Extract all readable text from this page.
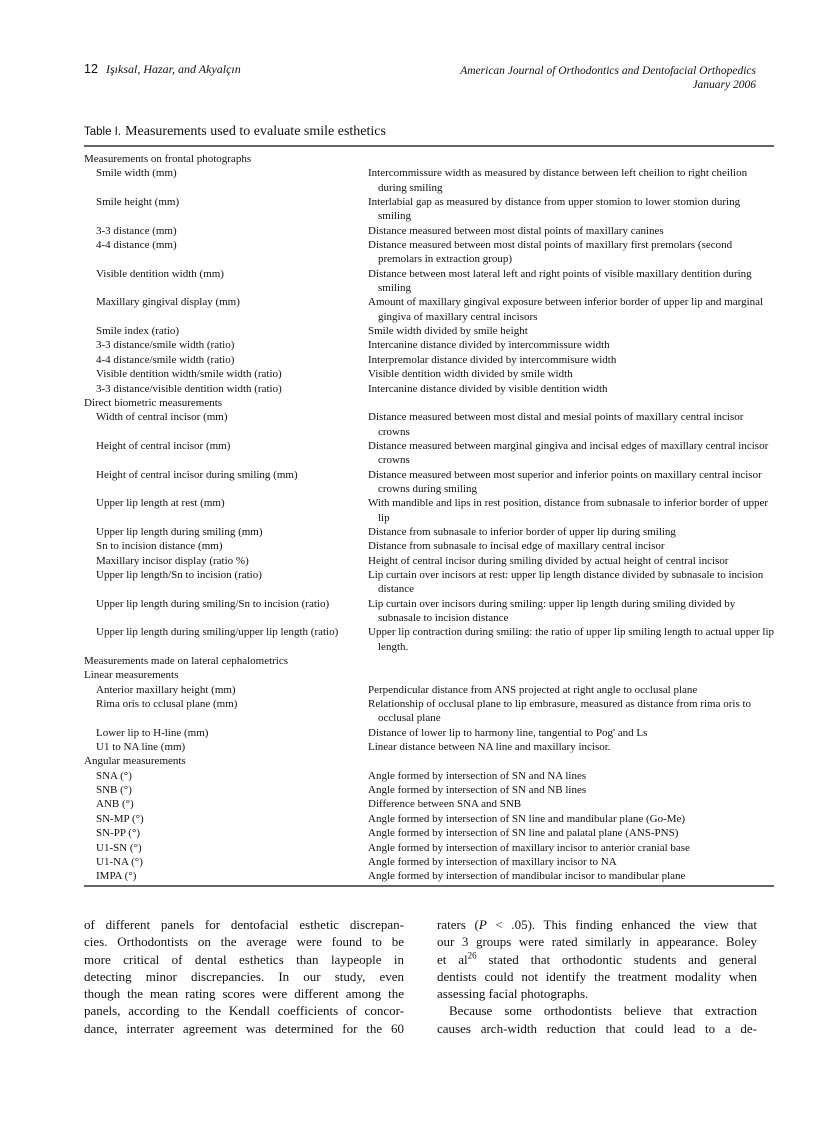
12 Işıksal, Hazar, and Akyalçın	American Journal of Orthodontics and Dentofacial Orthopedics
January 2006
Table I. Measurements used to evaluate smile esthetics
Measurements on frontal photographs
Smile width (mm)	Intercommissure width as measured by distance between left cheilion to right cheilion during smiling
Smile height (mm)	Interlabial gap as measured by distance from upper stomion to lower stomion during smiling
3-3 distance (mm)	Distance measured between most distal points of maxillary canines
4-4 distance (mm)	Distance measured between most distal points of maxillary first premolars (second premolars in extraction group)
Visible dentition width (mm)	Distance between most lateral left and right points of visible maxillary dentition during smiling
Maxillary gingival display (mm)	Amount of maxillary gingival exposure between inferior border of upper lip and marginal gingiva of maxillary central incisors
Smile index (ratio)	Smile width divided by smile height
3-3 distance/smile width (ratio)	Intercanine distance divided by intercommissure width
4-4 distance/smile width (ratio)	Interpremolar distance divided by intercommisure width
Visible dentition width/smile width (ratio)	Visible dentition width divided by smile width
3-3 distance/visible dentition width (ratio)	Intercanine distance divided by visible dentition width
Direct biometric measurements
Width of central incisor (mm)	Distance measured between most distal and mesial points of maxillary central incisor crowns
Height of central incisor (mm)	Distance measured between marginal gingiva and incisal edges of maxillary central incisor crowns
Height of central incisor during smiling (mm)	Distance measured between most superior and inferior points on maxillary central incisor crowns during smiling
Upper lip length at rest (mm)	With mandible and lips in rest position, distance from subnasale to inferior border of upper lip
Upper lip length during smiling (mm)	Distance from subnasale to inferior border of upper lip during smiling
Sn to incision distance (mm)	Distance from subnasale to incisal edge of maxillary central incisor
Maxillary incisor display (ratio %)	Height of central incisor during smiling divided by actual height of central incisor
Upper lip length/Sn to incision (ratio)	Lip curtain over incisors at rest: upper lip length distance divided by subnasale to incision distance
Upper lip length during smiling/Sn to incision (ratio)	Lip curtain over incisors during smiling: upper lip length during smiling divided by subnasale to incision distance
Upper lip length during smiling/upper lip length (ratio)	Upper lip contraction during smiling: the ratio of upper lip smiling length to actual upper lip length.
Measurements made on lateral cephalometrics
Linear measurements
Anterior maxillary height (mm)	Perpendicular distance from ANS projected at right angle to occlusal plane
Rima oris to cclusal plane (mm)	Relationship of occlusal plane to lip embrasure, measured as distance from rima oris to occlusal plane
Lower lip to H-line (mm)	Distance of lower lip to harmony line, tangential to Pog' and Ls
U1 to NA line (mm)	Linear distance between NA line and maxillary incisor.
Angular measurements
SNA (°)	Angle formed by intersection of SN and NA lines
SNB (°)	Angle formed by intersection of SN and NB lines
ANB (°)	Difference between SNA and SNB
SN-MP (°)	Angle formed by intersection of SN line and mandibular plane (Go-Me)
SN-PP (°)	Angle formed by intersection of SN line and palatal plane (ANS-PNS)
U1-SN (°)	Angle formed by intersection of maxillary incisor to anterior cranial base
U1-NA (°)	Angle formed by intersection of maxillary incisor to NA
IMPA (°)	Angle formed by intersection of mandibular incisor to mandibular plane
of different panels for dentofacial esthetic discrepan-
cies. Orthodontists on the average were found to be
more critical of dental esthetics than laypeople in
detecting minor discrepancies. In our study, even
though the mean rating scores were different among the
panels, according to the Kendall coefficients of concor-
dance, interrater agreement was determined for the 60
raters (P < .05). This finding enhanced the view that
our 3 groups were rated similarly in appearance. Boley
et $al^{26}$ stated that orthodontic students and general
dentists could not identify the treatment modality when
assessing facial photographs.
Because some orthodontists believe that extraction
causes arch-width reduction that could lead to a de-
